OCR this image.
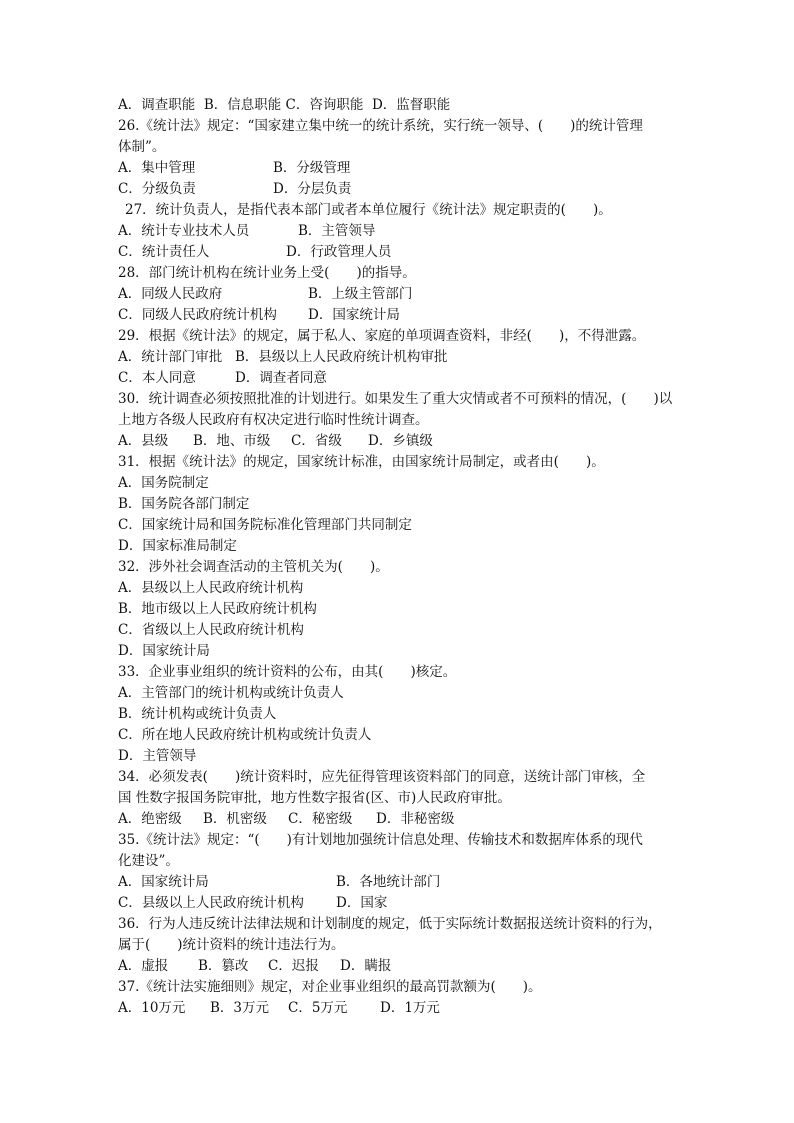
A．调查职能  B．信息职能 C．咨询职能  D．监督职能
26.《统计法》规定：“国家建立集中统一的统计系统，实行统一领导、(　　)的统计管理
体制”。
A．集中管理	B．分级管理
C．分级负责	D．分层负责
27．统计负责人，是指代表本部门或者本单位履行《统计法》规定职责的(　　)。
A．统计专业技术人员	B．主管领导
C．统计责任人	D．行政管理人员
28．部门统计机构在统计业务上受(　　)的指导。
A．同级人民政府	B．上级主管部门
C．同级人民政府统计机构 D．国家统计局
29．根据《统计法》的规定，属于私人、家庭的单项调查资料，非经(　　)，不得泄露。
A．统计部门审批 B．县级以上人民政府统计机构审批
C．本人同意	D．调查者同意
30．统计调查必须按照批准的计划进行。如果发生了重大灾情或者不可预料的情况，(　　)以
上地方各级人民政府有权决定进行临时性统计调查。
A．县级 B．地、市级 C．省级 D．乡镇级
31．根据《统计法》的规定，国家统计标准，由国家统计局制定，或者由(　　)。
A．国务院制定
B．国务院各部门制定
C．国家统计局和国务院标准化管理部门共同制定
D．国家标准局制定
32．涉外社会调查活动的主管机关为(　　)。
A．县级以上人民政府统计机构
B．地市级以上人民政府统计机构
C．省级以上人民政府统计机构
D．国家统计局
33．企业事业组织的统计资料的公布，由其(　　)核定。
A．主管部门的统计机构或统计负责人
B．统计机构或统计负责人
C．所在地人民政府统计机构或统计负责人
D．主管领导
34．必须发表(　　)统计资料时，应先征得管理该资料部门的同意，送统计部门审核，全
国 性数字报国务院审批，地方性数字报省(区、市)人民政府审批。
A．绝密级 B．机密级 C．秘密级 D．非秘密级
35.《统计法》规定：“(　　)有计划地加强统计信息处理、传输技术和数据库体系的现代
化建设”。
A．国家统计局	B．各地统计部门
C．县级以上人民政府统计机构 D．国家
36．行为人违反统计法律法规和计划制度的规定，低于实际统计数据报送统计资料的行为，
属于(　　)统计资料的统计违法行为。
A．虚报 B．篡改 C．迟报 D．瞒报
37.《统计法实施细则》规定，对企业事业组织的最高罚款额为(　　)。
A．10万元 B．3万元 C．5万元 D．1万元
